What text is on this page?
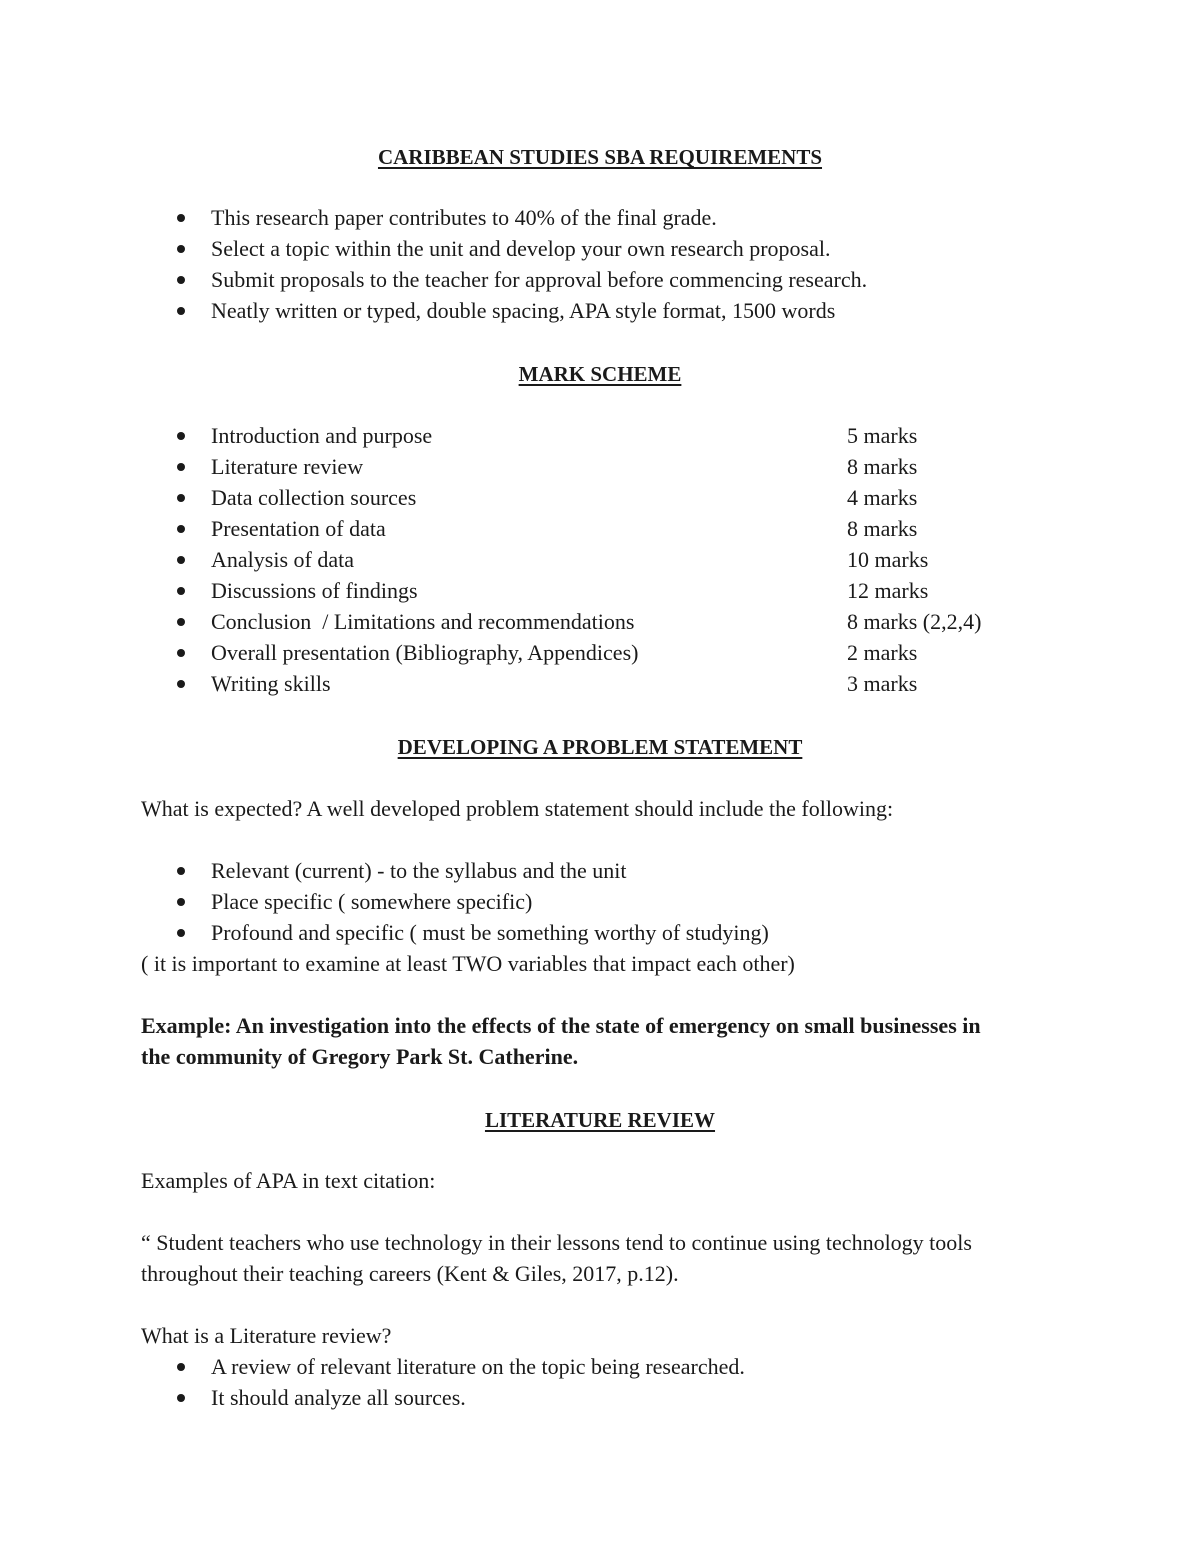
CARIBBEAN STUDIES SBA REQUIREMENTS
This research paper contributes to 40% of the final grade.
Select a topic within the unit and develop your own research proposal.
Submit proposals to the teacher for approval before commencing research.
Neatly written or typed, double spacing, APA style format, 1500 words
MARK SCHEME
Introduction and purpose	5 marks
Literature review	8 marks
Data collection sources	4 marks
Presentation of data	8 marks
Analysis of data	10 marks
Discussions of findings	12 marks
Conclusion  / Limitations and recommendations	8 marks (2,2,4)
Overall presentation (Bibliography, Appendices)	2 marks
Writing skills	3 marks
DEVELOPING A PROBLEM STATEMENT
What is expected? A well developed problem statement should include the following:
Relevant (current) - to the syllabus and the unit
Place specific ( somewhere specific)
Profound and specific ( must be something worthy of studying)
( it is important to examine at least TWO variables that impact each other)
Example: An investigation into the effects of the state of emergency on small businesses in
the community of Gregory Park St. Catherine.
LITERATURE REVIEW
Examples of APA in text citation:
“ Student teachers who use technology in their lessons tend to continue using technology tools
throughout their teaching careers (Kent & Giles, 2017, p.12).
What is a Literature review?
A review of relevant literature on the topic being researched.
It should analyze all sources.
